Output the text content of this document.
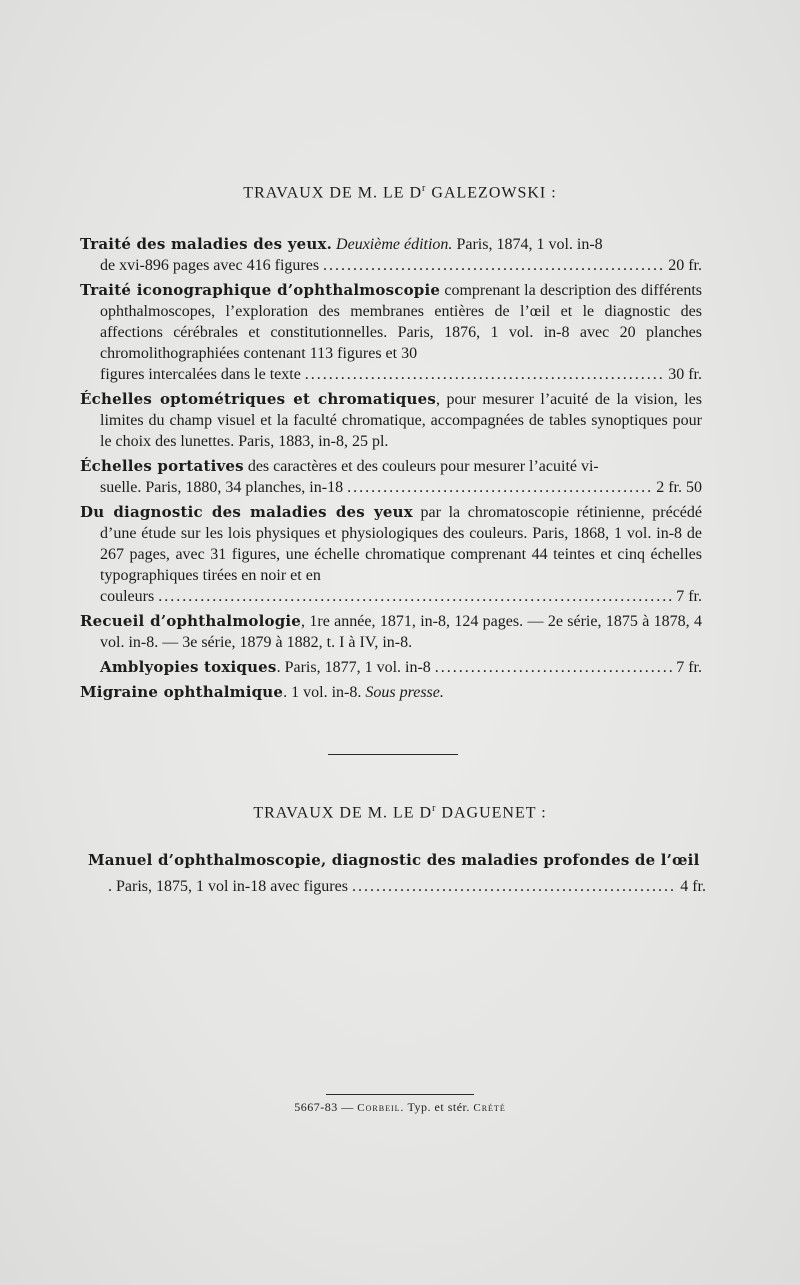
TRAVAUX DE M. LE $D^r$ GALEZOWSKI :
Traité des maladies des yeux. Deuxième édition. Paris, 1874, 1 vol. in-8
de xvi-896 pages avec 416 figures .....	20 fr.
Traité iconographique d’ophthalmoscopie comprenant la description des différents ophthalmoscopes, l’exploration des membranes entières de l’œil et le diagnostic des affections cérébrales et constitutionnelles. Paris, 1876, 1 vol. in-8 avec 20 planches chromolithographiées contenant 113 figures et 30
figures intercalées dans le texte .....	30 fr.
Échelles optométriques et chromatiques, pour mesurer l’acuité de la vision, les limites du champ visuel et la faculté chromatique, accompagnées de tables synoptiques pour le choix des lunettes. Paris, 1883, in-8, 25 pl.
Échelles portatives des caractères et des couleurs pour mesurer l’acuité vi-
suelle. Paris, 1880, 34 planches, in-18 .....	2 fr. 50
Du diagnostic des maladies des yeux par la chromatoscopie rétinienne, précédé d’une étude sur les lois physiques et physiologiques des couleurs. Paris, 1868, 1 vol. in-8 de 267 pages, avec 31 figures, une échelle chromatique comprenant 44 teintes et cinq échelles typographiques tirées en noir et en
couleurs .....	7 fr.
Recueil d’ophthalmologie, 1re année, 1871, in-8, 124 pages. — 2e série, 1875 à 1878, 4 vol. in-8. — 3e série, 1879 à 1882, t. I à IV, in-8.
Amblyopies toxiques. Paris, 1877, 1 vol. in-8 .....	7 fr.
Migraine ophthalmique. 1 vol. in-8. Sous presse.
TRAVAUX DE M. LE $D^r$ DAGUENET :
Manuel d’ophthalmoscopie, diagnostic des maladies profondes de l’œil
. Paris, 1875, 1 vol in-18 avec figures .....	4 fr.
5667-83 — Corbeil. Typ. et stér. Crété
